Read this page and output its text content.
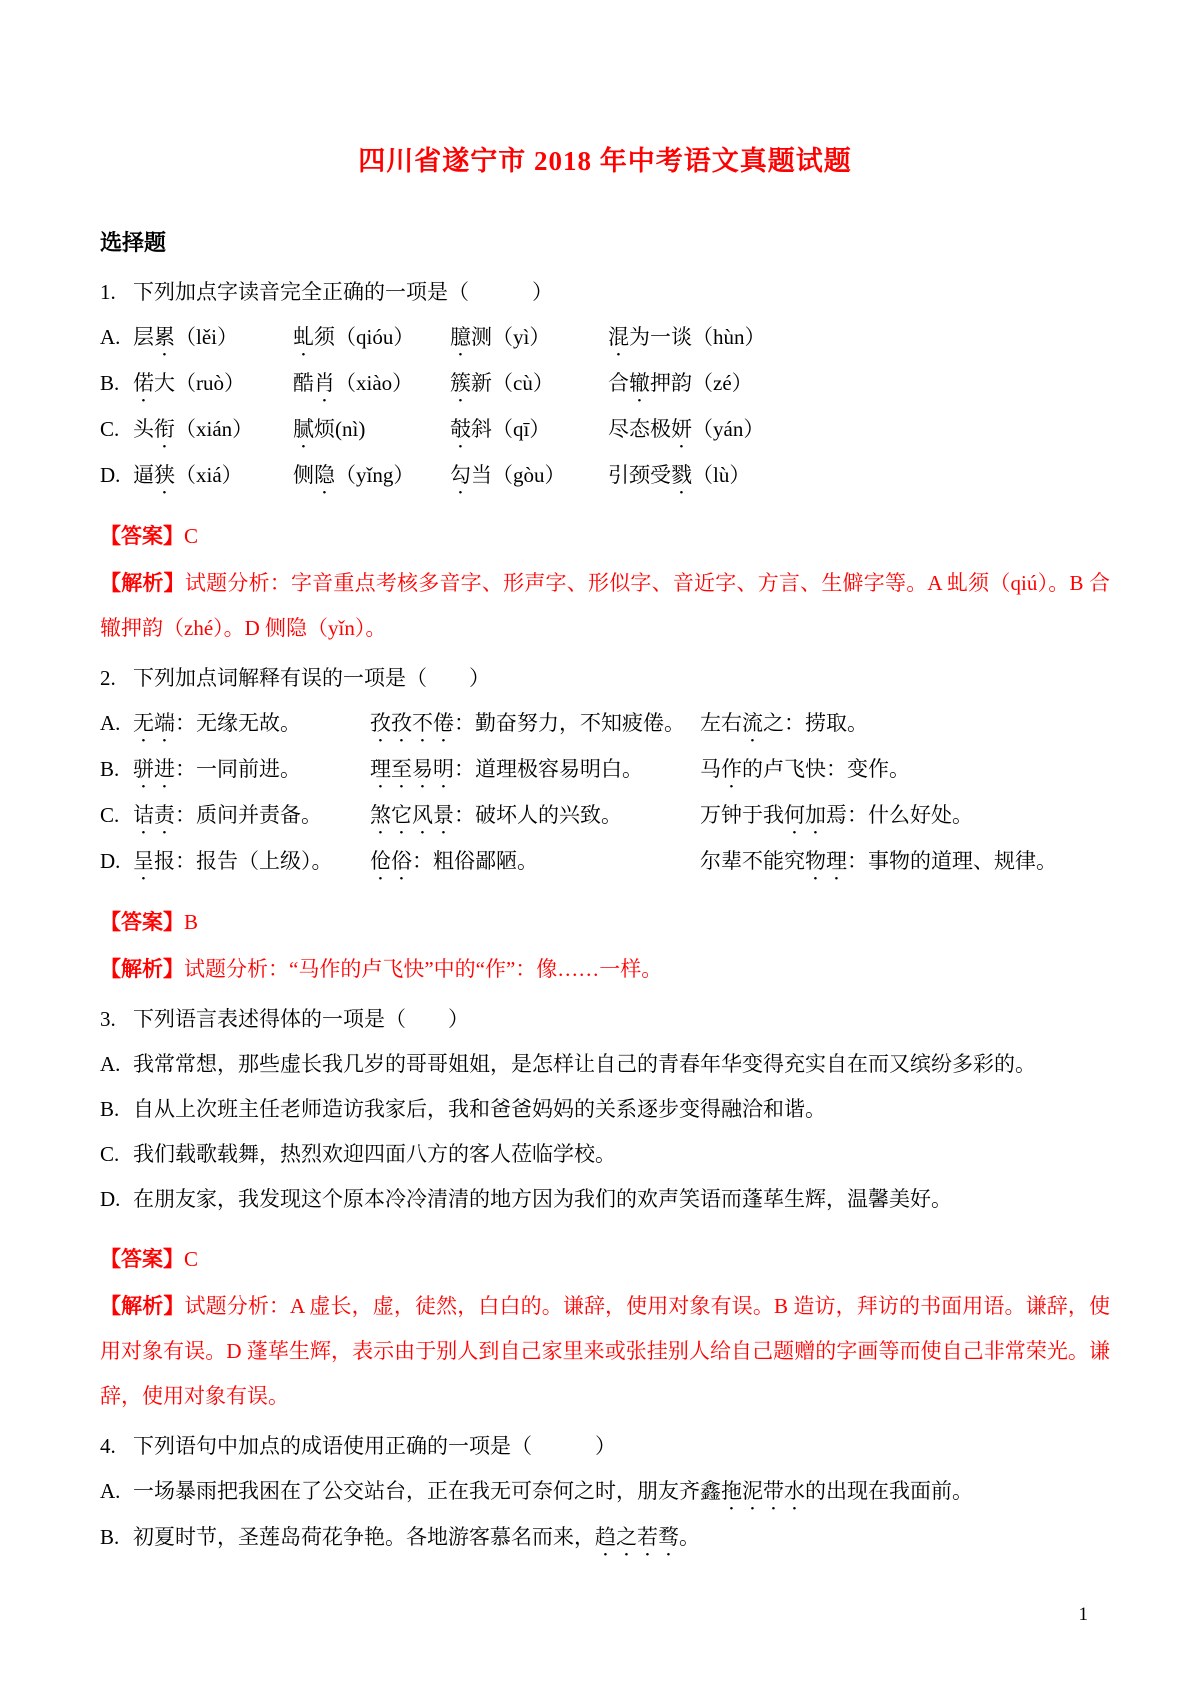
四川省遂宁市 2018 年中考语文真题试题
选择题
1. 下列加点字读音完全正确的一项是（　　　）
A. 层累（lěi）	虬须（qióu）	臆测（yì）	混为一谈（hùn）
B. 偌大（ruò）	酷肖（xiào）	簇新（cù）	合辙押韵（zé）
C. 头衔（xián）	腻烦(nì)	攲斜（qī）	尽态极妍（yán）
D. 逼狭（xiá）	侧隐（yǐng）	勾当（gòu）	引颈受戮（lù）
【答案】 C
【解析】试题分析：字音重点考核多音字、形声字、形似字、音近字、方言、生僻字等。A 虬须（qiú）。B 合辙押韵（zhé）。D 侧隐（yǐn）。
2. 下列加点词解释有误的一项是（　　）
A. 无端：无缘无故。	孜孜不倦：勤奋努力，不知疲倦。 左右流之：捞取。
B. 骈进：一同前进。	理至易明：道理极容易明白。	马作的卢飞快：变作。
C. 诘责：质问并责备。	煞它风景：破坏人的兴致。	万钟于我何加焉：什么好处。
D. 呈报：报告（上级）。	伧俗：粗俗鄙陋。	尔辈不能究物理：事物的道理、规律。
【答案】 B
【解析】试题分析：“马作的卢飞快”中的“作”：像……一样。
3. 下列语言表述得体的一项是（　　）
A. 我常常想，那些虚长我几岁的哥哥姐姐，是怎样让自己的青春年华变得充实自在而又缤纷多彩的。
B. 自从上次班主任老师造访我家后，我和爸爸妈妈的关系逐步变得融洽和谐。
C. 我们载歌载舞，热烈欢迎四面八方的客人莅临学校。
D. 在朋友家，我发现这个原本冷冷清清的地方因为我们的欢声笑语而蓬荜生辉，温馨美好。
【答案】 C
【解析】试题分析：A 虚长，虚，徒然，白白的。谦辞，使用对象有误。B 造访，拜访的书面用语。谦辞，使用对象有误。D 蓬荜生辉，表示由于别人到自己家里来或张挂别人给自己题赠的字画等而使自己非常荣光。谦辞，使用对象有误。
4. 下列语句中加点的成语使用正确的一项是（　　　）
A. 一场暴雨把我困在了公交站台，正在我无可奈何之时，朋友齐鑫拖泥带水的出现在我面前。
B. 初夏时节，圣莲岛荷花争艳。各地游客慕名而来，趋之若骛。
1
